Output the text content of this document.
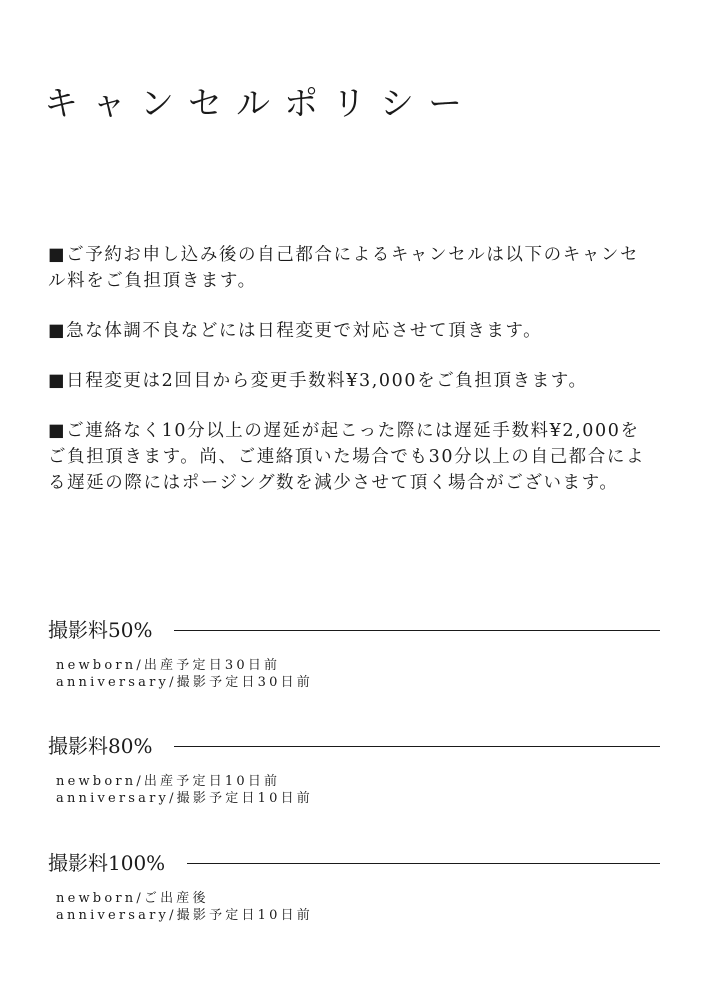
キャンセルポリシー

■ご予約お申し込み後の自己都合によるキャンセルは以下のキャンセル料をご負担頂きます。

■急な体調不良などには日程変更で対応させて頂きます。

■日程変更は2回目から変更手数料¥3,000をご負担頂きます。

■ご連絡なく10分以上の遅延が起こった際には遅延手数料¥2,000をご負担頂きます。尚、ご連絡頂いた場合でも30分以上の自己都合による遅延の際にはポージング数を減少させて頂く場合がございます。

撮影料50%
newborn/出産予定日30日前
anniversary/撮影予定日30日前
撮影料80%
newborn/出産予定日10日前
anniversary/撮影予定日10日前
撮影料100%
newborn/ご出産後
anniversary/撮影予定日10日前
